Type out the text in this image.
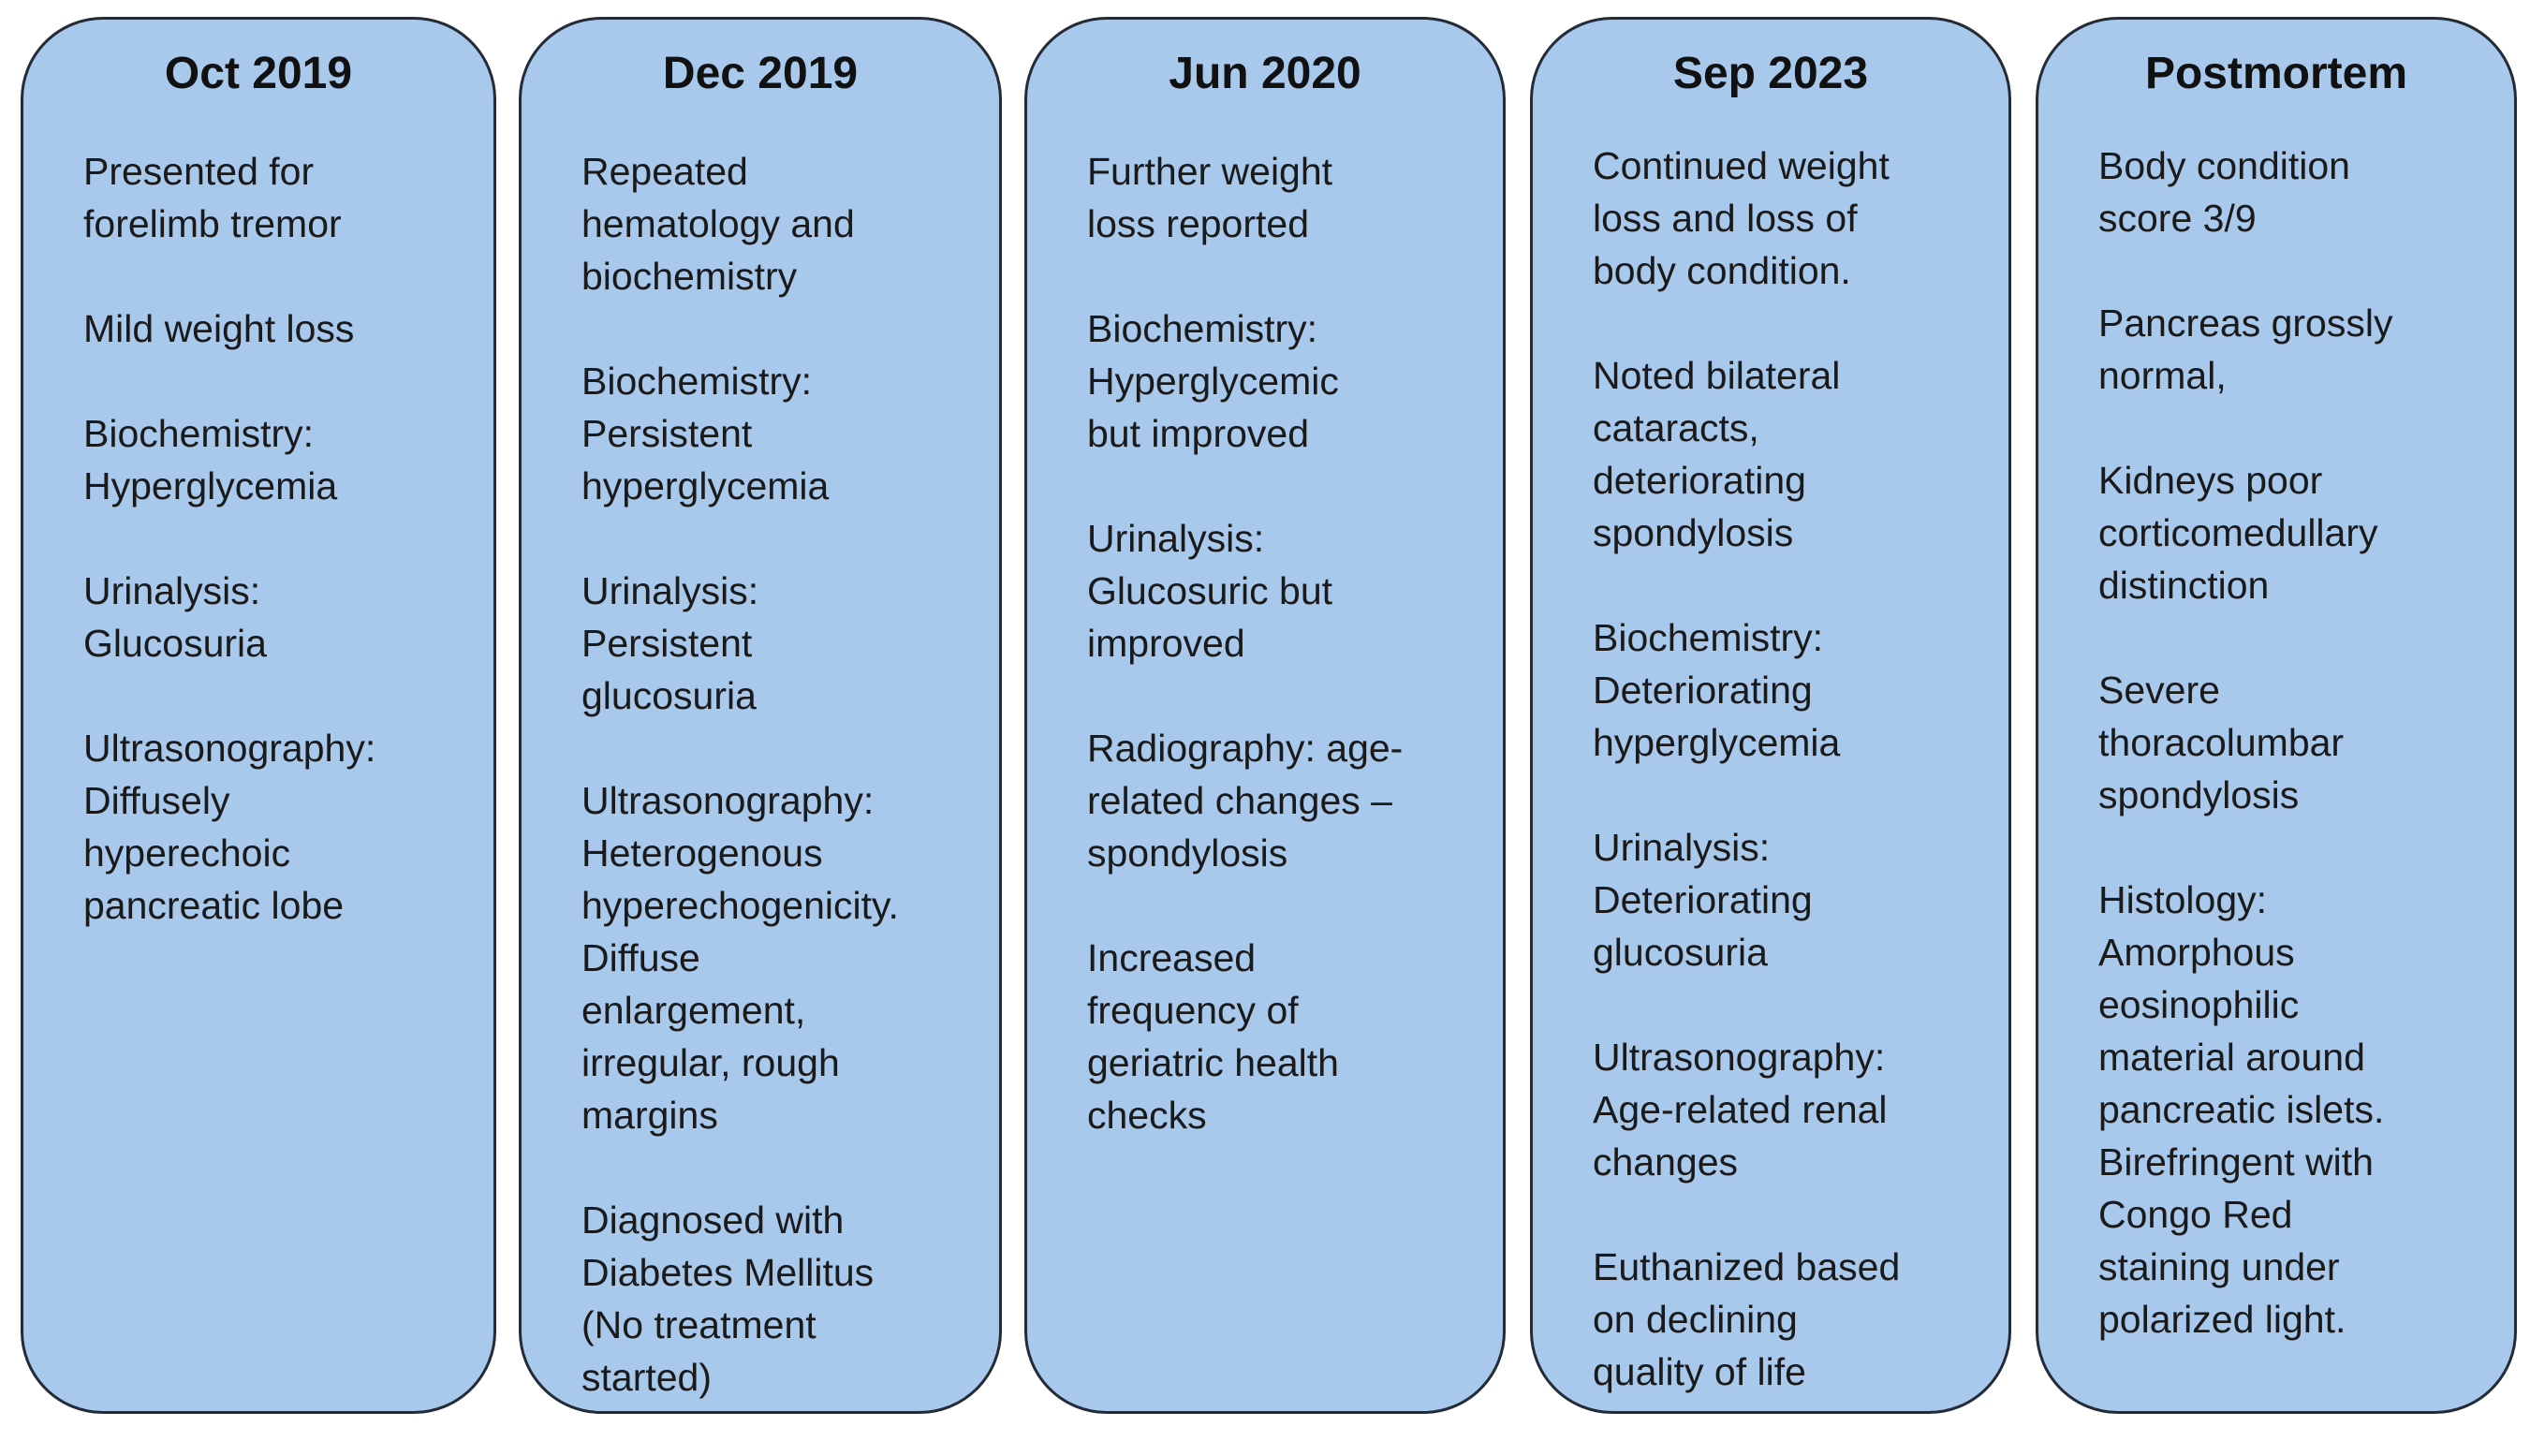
Oct 2019
Presented for
forelimb tremor
Mild weight loss
Biochemistry:
Hyperglycemia
Urinalysis:
Glucosuria
Ultrasonography:
Diffusely
hyperechoic
pancreatic lobe
Dec 2019
Repeated
hematology and
biochemistry
Biochemistry:
Persistent
hyperglycemia
Urinalysis:
Persistent
glucosuria
Ultrasonography:
Heterogenous
hyperechogenicity.
Diffuse
enlargement,
irregular, rough
margins
Diagnosed with
Diabetes Mellitus
(No treatment
started)
Jun 2020
Further weight
loss reported
Biochemistry:
Hyperglycemic
but improved
Urinalysis:
Glucosuric but
improved
Radiography: age-
related changes –
spondylosis
Increased
frequency of
geriatric health
checks
Sep 2023
Continued weight
loss and loss of
body condition.
Noted bilateral
cataracts,
deteriorating
spondylosis
Biochemistry:
Deteriorating
hyperglycemia
Urinalysis:
Deteriorating
glucosuria
Ultrasonography:
Age-related renal
changes
Euthanized based
on declining
quality of life
Postmortem
Body condition
score 3/9
Pancreas grossly
normal,
Kidneys poor
corticomedullary
distinction
Severe
thoracolumbar
spondylosis
Histology:
Amorphous
eosinophilic
material around
pancreatic islets.
Birefringent with
Congo Red
staining under
polarized light.
